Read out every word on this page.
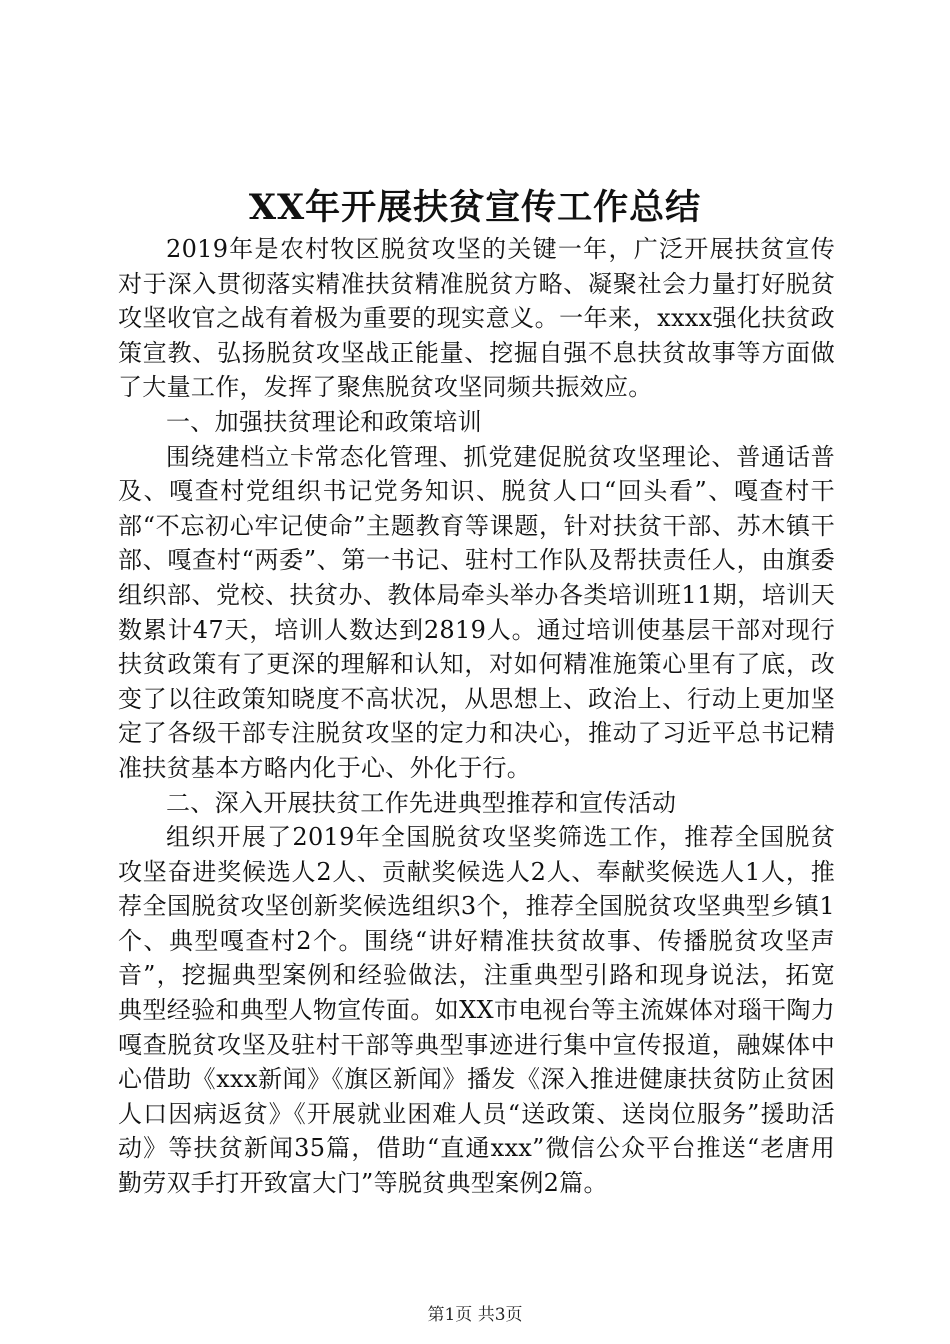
XX年开展扶贫宣传工作总结

2019年是农村牧区脱贫攻坚的关键一年，广泛开展扶贫宣传对于深入贯彻落实精准扶贫精准脱贫方略、凝聚社会力量打好脱贫攻坚收官之战有着极为重要的现实意义。一年来，xxxx强化扶贫政策宣教、弘扬脱贫攻坚战正能量、挖掘自强不息扶贫故事等方面做了大量工作，发挥了聚焦脱贫攻坚同频共振效应。

一、加强扶贫理论和政策培训

围绕建档立卡常态化管理、抓党建促脱贫攻坚理论、普通话普及、嘎查村党组织书记党务知识、脱贫人口“回头看”、嘎查村干部“不忘初心牢记使命”主题教育等课题，针对扶贫干部、苏木镇干部、嘎查村“两委”、第一书记、驻村工作队及帮扶责任人，由旗委组织部、党校、扶贫办、教体局牵头举办各类培训班11期，培训天数累计47天，培训人数达到2819人。通过培训使基层干部对现行扶贫政策有了更深的理解和认知，对如何精准施策心里有了底，改变了以往政策知晓度不高状况，从思想上、政治上、行动上更加坚定了各级干部专注脱贫攻坚的定力和决心，推动了习近平总书记精准扶贫基本方略内化于心、外化于行。

二、深入开展扶贫工作先进典型推荐和宣传活动

组织开展了2019年全国脱贫攻坚奖筛选工作，推荐全国脱贫攻坚奋进奖候选人2人、贡献奖候选人2人、奉献奖候选人1人，推荐全国脱贫攻坚创新奖候选组织3个，推荐全国脱贫攻坚典型乡镇1个、典型嘎查村2个。围绕“讲好精准扶贫故事、传播脱贫攻坚声音”，挖掘典型案例和经验做法，注重典型引路和现身说法，拓宽典型经验和典型人物宣传面。如XX市电视台等主流媒体对瑙干陶力嘎查脱贫攻坚及驻村干部等典型事迹进行集中宣传报道，融媒体中心借助《xxx新闻》《旗区新闻》播发《深入推进健康扶贫防止贫困人口因病返贫》《开展就业困难人员“送政策、送岗位服务”援助活动》等扶贫新闻35篇，借助“直通xxx”微信公众平台推送“老唐用勤劳双手打开致富大门”等脱贫典型案例2篇。

第1页 共3页
